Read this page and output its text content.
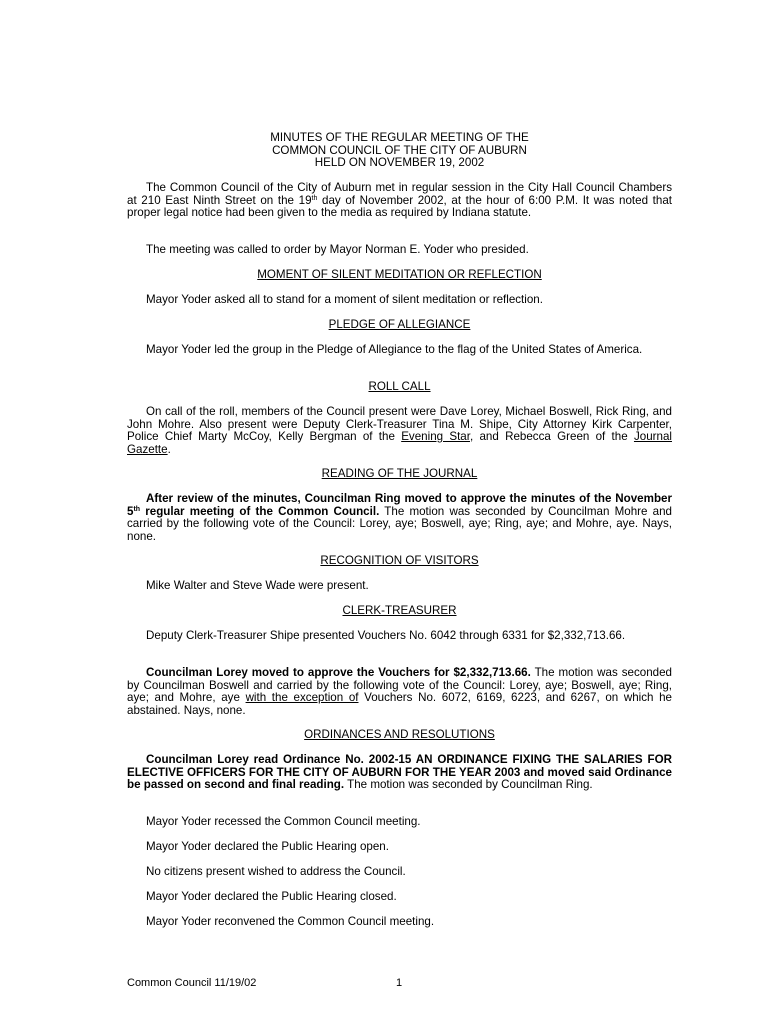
MINUTES OF THE REGULAR MEETING OF THE
COMMON COUNCIL OF THE CITY OF AUBURN
HELD ON NOVEMBER 19, 2002
The Common Council of the City of Auburn met in regular session in the City Hall Council Chambers at 210 East Ninth Street on the 19th day of November 2002, at the hour of 6:00 P.M. It was noted that proper legal notice had been given to the media as required by Indiana statute.
The meeting was called to order by Mayor Norman E. Yoder who presided.
MOMENT OF SILENT MEDITATION OR REFLECTION
Mayor Yoder asked all to stand for a moment of silent meditation or reflection.
PLEDGE OF ALLEGIANCE
Mayor Yoder led the group in the Pledge of Allegiance to the flag of the United States of America.
ROLL CALL
On call of the roll, members of the Council present were Dave Lorey, Michael Boswell, Rick Ring, and John Mohre. Also present were Deputy Clerk-Treasurer Tina M. Shipe, City Attorney Kirk Carpenter, Police Chief Marty McCoy, Kelly Bergman of the Evening Star, and Rebecca Green of the Journal Gazette.
READING OF THE JOURNAL
After review of the minutes, Councilman Ring moved to approve the minutes of the November 5th regular meeting of the Common Council. The motion was seconded by Councilman Mohre and carried by the following vote of the Council: Lorey, aye; Boswell, aye; Ring, aye; and Mohre, aye. Nays, none.
RECOGNITION OF VISITORS
Mike Walter and Steve Wade were present.
CLERK-TREASURER
Deputy Clerk-Treasurer Shipe presented Vouchers No. 6042 through 6331 for $2,332,713.66.
Councilman Lorey moved to approve the Vouchers for $2,332,713.66. The motion was seconded by Councilman Boswell and carried by the following vote of the Council: Lorey, aye; Boswell, aye; Ring, aye; and Mohre, aye with the exception of Vouchers No. 6072, 6169, 6223, and 6267, on which he abstained. Nays, none.
ORDINANCES AND RESOLUTIONS
Councilman Lorey read Ordinance No. 2002-15 AN ORDINANCE FIXING THE SALARIES FOR ELECTIVE OFFICERS FOR THE CITY OF AUBURN FOR THE YEAR 2003 and moved said Ordinance be passed on second and final reading. The motion was seconded by Councilman Ring.
Mayor Yoder recessed the Common Council meeting.
Mayor Yoder declared the Public Hearing open.
No citizens present wished to address the Council.
Mayor Yoder declared the Public Hearing closed.
Mayor Yoder reconvened the Common Council meeting.
Common Council 11/19/02	1
